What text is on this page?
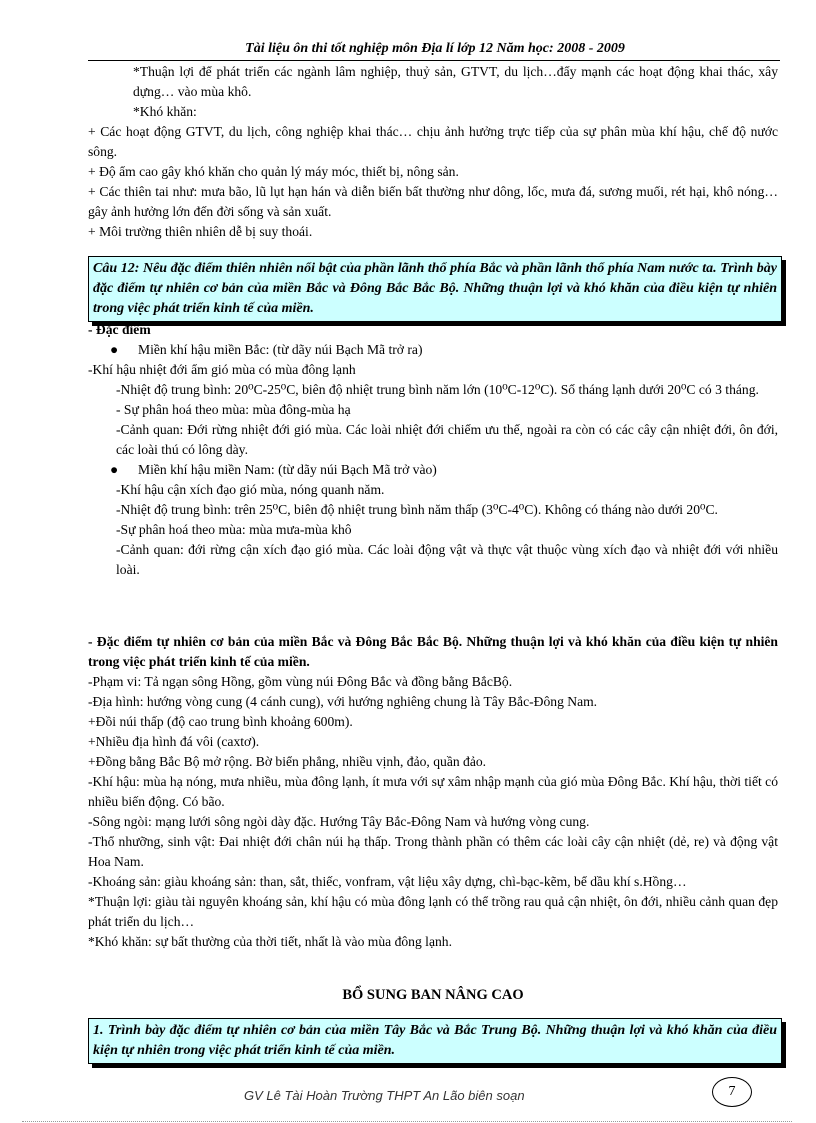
Tài liệu ôn thi tốt nghiệp môn Địa lí lớp 12 Năm học: 2008 - 2009

*Thuận lợi để phát triển các ngành lâm nghiệp, thuỷ sản, GTVT, du lịch…đẩy mạnh các hoạt động khai thác, xây dựng… vào mùa khô.

*Khó khăn:

+ Các hoạt động GTVT, du lịch, công nghiệp khai thác… chịu ảnh hưởng trực tiếp của sự phân mùa khí hậu, chế độ nước sông.

+ Độ ẩm cao gây khó khăn cho quản lý máy móc, thiết bị, nông sản.

+ Các thiên tai như: mưa bão, lũ lụt hạn hán và diễn biến bất thường như dông, lốc, mưa đá, sương muối, rét hại, khô nóng… gây ảnh hưởng lớn đến đời sống và sản xuất.

+ Môi trường thiên nhiên dễ bị suy thoái.

Câu 12: Nêu đặc điểm thiên nhiên nổi bật của phần lãnh thổ phía Bắc và phần lãnh thổ phía Nam nước ta. Trình bày đặc điểm tự nhiên cơ bản của miền Bắc và Đông Bắc Bắc Bộ. Những thuận lợi và khó khăn của điều kiện tự nhiên trong việc phát triển kinh tế của miền.

- Đặc điểm

● Miền khí hậu miền Bắc: (từ dãy núi Bạch Mã trở ra)

-Khí hậu nhiệt đới ẩm gió mùa có mùa đông lạnh

-Nhiệt độ trung bình: 20⁰C-25⁰C, biên độ nhiệt trung bình năm lớn (10⁰C-12⁰C). Số tháng lạnh dưới 20⁰C có 3 tháng.

- Sự phân hoá theo mùa: mùa đông-mùa hạ

-Cảnh quan: Đới rừng nhiệt đới gió mùa. Các loài nhiệt đới chiếm ưu thế, ngoài ra còn có các cây cận nhiệt đới, ôn đới, các loài thú có lông dày.

● Miền khí hậu miền Nam: (từ dãy núi Bạch Mã trở vào)

-Khí hậu cận xích đạo gió mùa, nóng quanh năm.

-Nhiệt độ trung bình: trên 25⁰C, biên độ nhiệt trung bình năm thấp (3⁰C-4⁰C). Không có tháng nào dưới 20⁰C.

-Sự phân hoá theo mùa: mùa mưa-mùa khô

-Cảnh quan: đới rừng cận xích đạo gió mùa. Các loài động vật và thực vật thuộc vùng xích đạo và nhiệt đới với nhiều loài.

- Đặc điểm tự nhiên cơ bản của miền Bắc và Đông Bắc Bắc Bộ. Những thuận lợi và khó khăn của điều kiện tự nhiên trong việc phát triển kinh tế của miền.

-Phạm vi: Tả ngạn sông Hồng, gồm vùng núi Đông Bắc và đồng bằng BắcBộ.

-Địa hình: hướng vòng cung (4 cánh cung), với hướng nghiêng chung là Tây Bắc-Đông Nam.

+Đồi núi thấp (độ cao trung bình khoảng 600m).

+Nhiều địa hình đá vôi (caxtơ).

+Đồng bằng Bắc Bộ mở rộng. Bờ biển phẳng, nhiều vịnh, đảo, quần đảo.

-Khí hậu: mùa hạ nóng, mưa nhiều, mùa đông lạnh, ít mưa với sự xâm nhập mạnh của gió mùa Đông Bắc. Khí hậu, thời tiết có nhiều biến động. Có bão.

-Sông ngòi: mạng lưới sông ngòi dày đặc. Hướng Tây Bắc-Đông Nam và hướng vòng cung.

-Thổ nhưỡng, sinh vật: Đai nhiệt đới chân núi hạ thấp. Trong thành phần có thêm các loài cây cận nhiệt (dẻ, re) và động vật Hoa Nam.

-Khoáng sản: giàu khoáng sản: than, sắt, thiếc, vonfram, vật liệu xây dựng, chì-bạc-kẽm, bể dầu khí s.Hồng…

*Thuận lợi: giàu tài nguyên khoáng sản, khí hậu có mùa đông lạnh có thể trồng rau quả cận nhiệt, ôn đới, nhiều cảnh quan đẹp phát triển du lịch…

*Khó khăn: sự bất thường của thời tiết, nhất là vào mùa đông lạnh.

BỔ SUNG BAN NÂNG CAO
1. Trình bày đặc điểm tự nhiên cơ bản của miền Tây Bắc và Bắc Trung Bộ. Những thuận lợi và khó khăn của điều kiện tự nhiên trong việc phát triển kinh tế của miền.
GV Lê Tài Hoàn Trường THPT An Lão biên soạn	7
